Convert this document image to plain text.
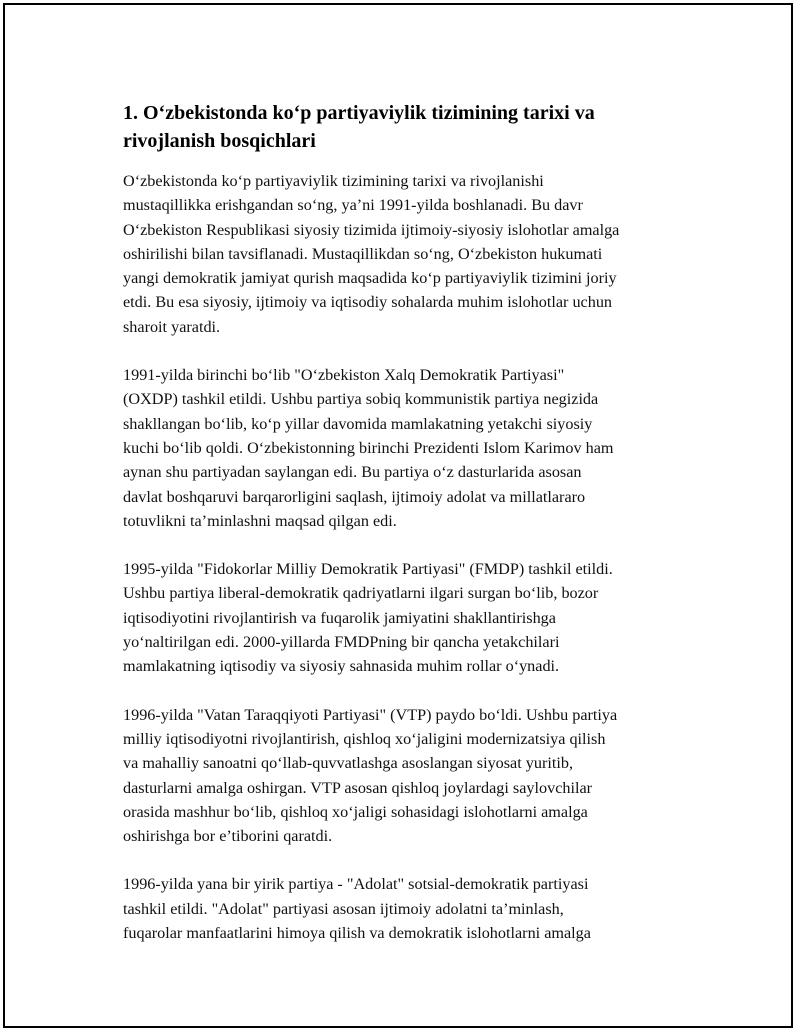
1. O‘zbekistonda ko‘p partiyaviylik tizimining tarixi va
rivojlanish bosqichlari

O‘zbekistonda ko‘p partiyaviylik tizimining tarixi va rivojlanishi
mustaqillikka erishgandan so‘ng, ya’ni 1991-yilda boshlanadi. Bu davr
O‘zbekiston Respublikasi siyosiy tizimida ijtimoiy-siyosiy islohotlar amalga
oshirilishi bilan tavsiflanadi. Mustaqillikdan so‘ng, O‘zbekiston hukumati
yangi demokratik jamiyat qurish maqsadida ko‘p partiyaviylik tizimini joriy
etdi. Bu esa siyosiy, ijtimoiy va iqtisodiy sohalarda muhim islohotlar uchun
sharoit yaratdi.

1991-yilda birinchi bo‘lib "O‘zbekiston Xalq Demokratik Partiyasi"
(OXDP) tashkil etildi. Ushbu partiya sobiq kommunistik partiya negizida
shakllangan bo‘lib, ko‘p yillar davomida mamlakatning yetakchi siyosiy
kuchi bo‘lib qoldi. O‘zbekistonning birinchi Prezidenti Islom Karimov ham
aynan shu partiyadan saylangan edi. Bu partiya o‘z dasturlarida asosan
davlat boshqaruvi barqarorligini saqlash, ijtimoiy adolat va millatlararo
totuvlikni ta’minlashni maqsad qilgan edi.

1995-yilda "Fidokorlar Milliy Demokratik Partiyasi" (FMDP) tashkil etildi.
Ushbu partiya liberal-demokratik qadriyatlarni ilgari surgan bo‘lib, bozor
iqtisodiyotini rivojlantirish va fuqarolik jamiyatini shakllantirishga
yo‘naltirilgan edi. 2000-yillarda FMDPning bir qancha yetakchilari
mamlakatning iqtisodiy va siyosiy sahnasida muhim rollar o‘ynadi.

1996-yilda "Vatan Taraqqiyoti Partiyasi" (VTP) paydo bo‘ldi. Ushbu partiya
milliy iqtisodiyotni rivojlantirish, qishloq xo‘jaligini modernizatsiya qilish
va mahalliy sanoatni qo‘llab-quvvatlashga asoslangan siyosat yuritib,
dasturlarni amalga oshirgan. VTP asosan qishloq joylardagi saylovchilar
orasida mashhur bo‘lib, qishloq xo‘jaligi sohasidagi islohotlarni amalga
oshirishga bor e’tiborini qaratdi.

1996-yilda yana bir yirik partiya - "Adolat" sotsial-demokratik partiyasi
tashkil etildi. "Adolat" partiyasi asosan ijtimoiy adolatni ta’minlash,
fuqarolar manfaatlarini himoya qilish va demokratik islohotlarni amalga
